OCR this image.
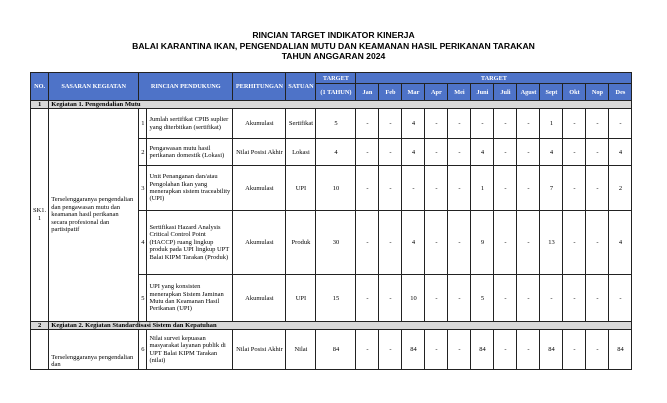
RINCIAN TARGET INDIKATOR KINERJA
BALAI KARANTINA IKAN, PENGENDALIAN MUTU DAN KEAMANAN HASIL PERIKANAN TARAKAN
TAHUN ANGGARAN 2024
NO.	SASARAN KEGIATAN	RINCIAN PENDUKUNG		PERHITUNGAN	SATUAN	TARGET	TARGET											
						(1 TAHUN)	Jan	Feb	Mar	Apr	Mei	Juni	Juli	Agust	Sept	Okt	Nop	Des
1	Kegiatan 1. Pengendalian Mutu																	
SK1. 1	Terselenggaranya pengendalian dan pengawasan mutu dan keamanan hasil perikanan secara profesional dan partisipatif	1	Jumlah sertifikat CPIB suplier yang diterbitkan (sertifikat)	Akumulasi	Sertifikat	5	-	-	4	-	-	-	-	-	1	-	-	-
		2	Pengawasan mutu hasil perikanan domestik (Lokasi)	Nilai Posisi Akhir	Lokasi	4	-	-	4	-	-	4	-	-	4	-	-	4
		3	Unit Penanganan dan/atau Pengolahan Ikan yang menerapkan sistem traceability (UPI)	Akumulasi	UPI	10	-	-	-	-	-	1	-	-	7	-	-	2
		4	Sertifikasi Hazard Analysis Critical Control Point (HACCP) ruang lingkup produk pada UPI lingkup UPT Balai KIPM Tarakan (Produk)	Akumulasi	Produk	30	-	-	4	-	-	9	-	-	13	-	-	4
		5	UPI yang konsisten menerapkan Sistem Jaminan Mutu dan Keamanan Hasil Perikanan (UPI)	Akumulasi	UPI	15	-	-	10	-	-	5	-	-	-	-	-	-
2	Kegiatan 2. Kegiatan Standardisasi Sistem dan Kepatuhan																	
	Terselenggaranya pengendalian dan	6	Nilai survei kepuasan masyarakat layanan publik di UPT Balai KIPM Tarakan (nilai)	Nilai Posisi Akhir	Nilai	84	-	-	84	-	-	84	-	-	84	-	-	84
